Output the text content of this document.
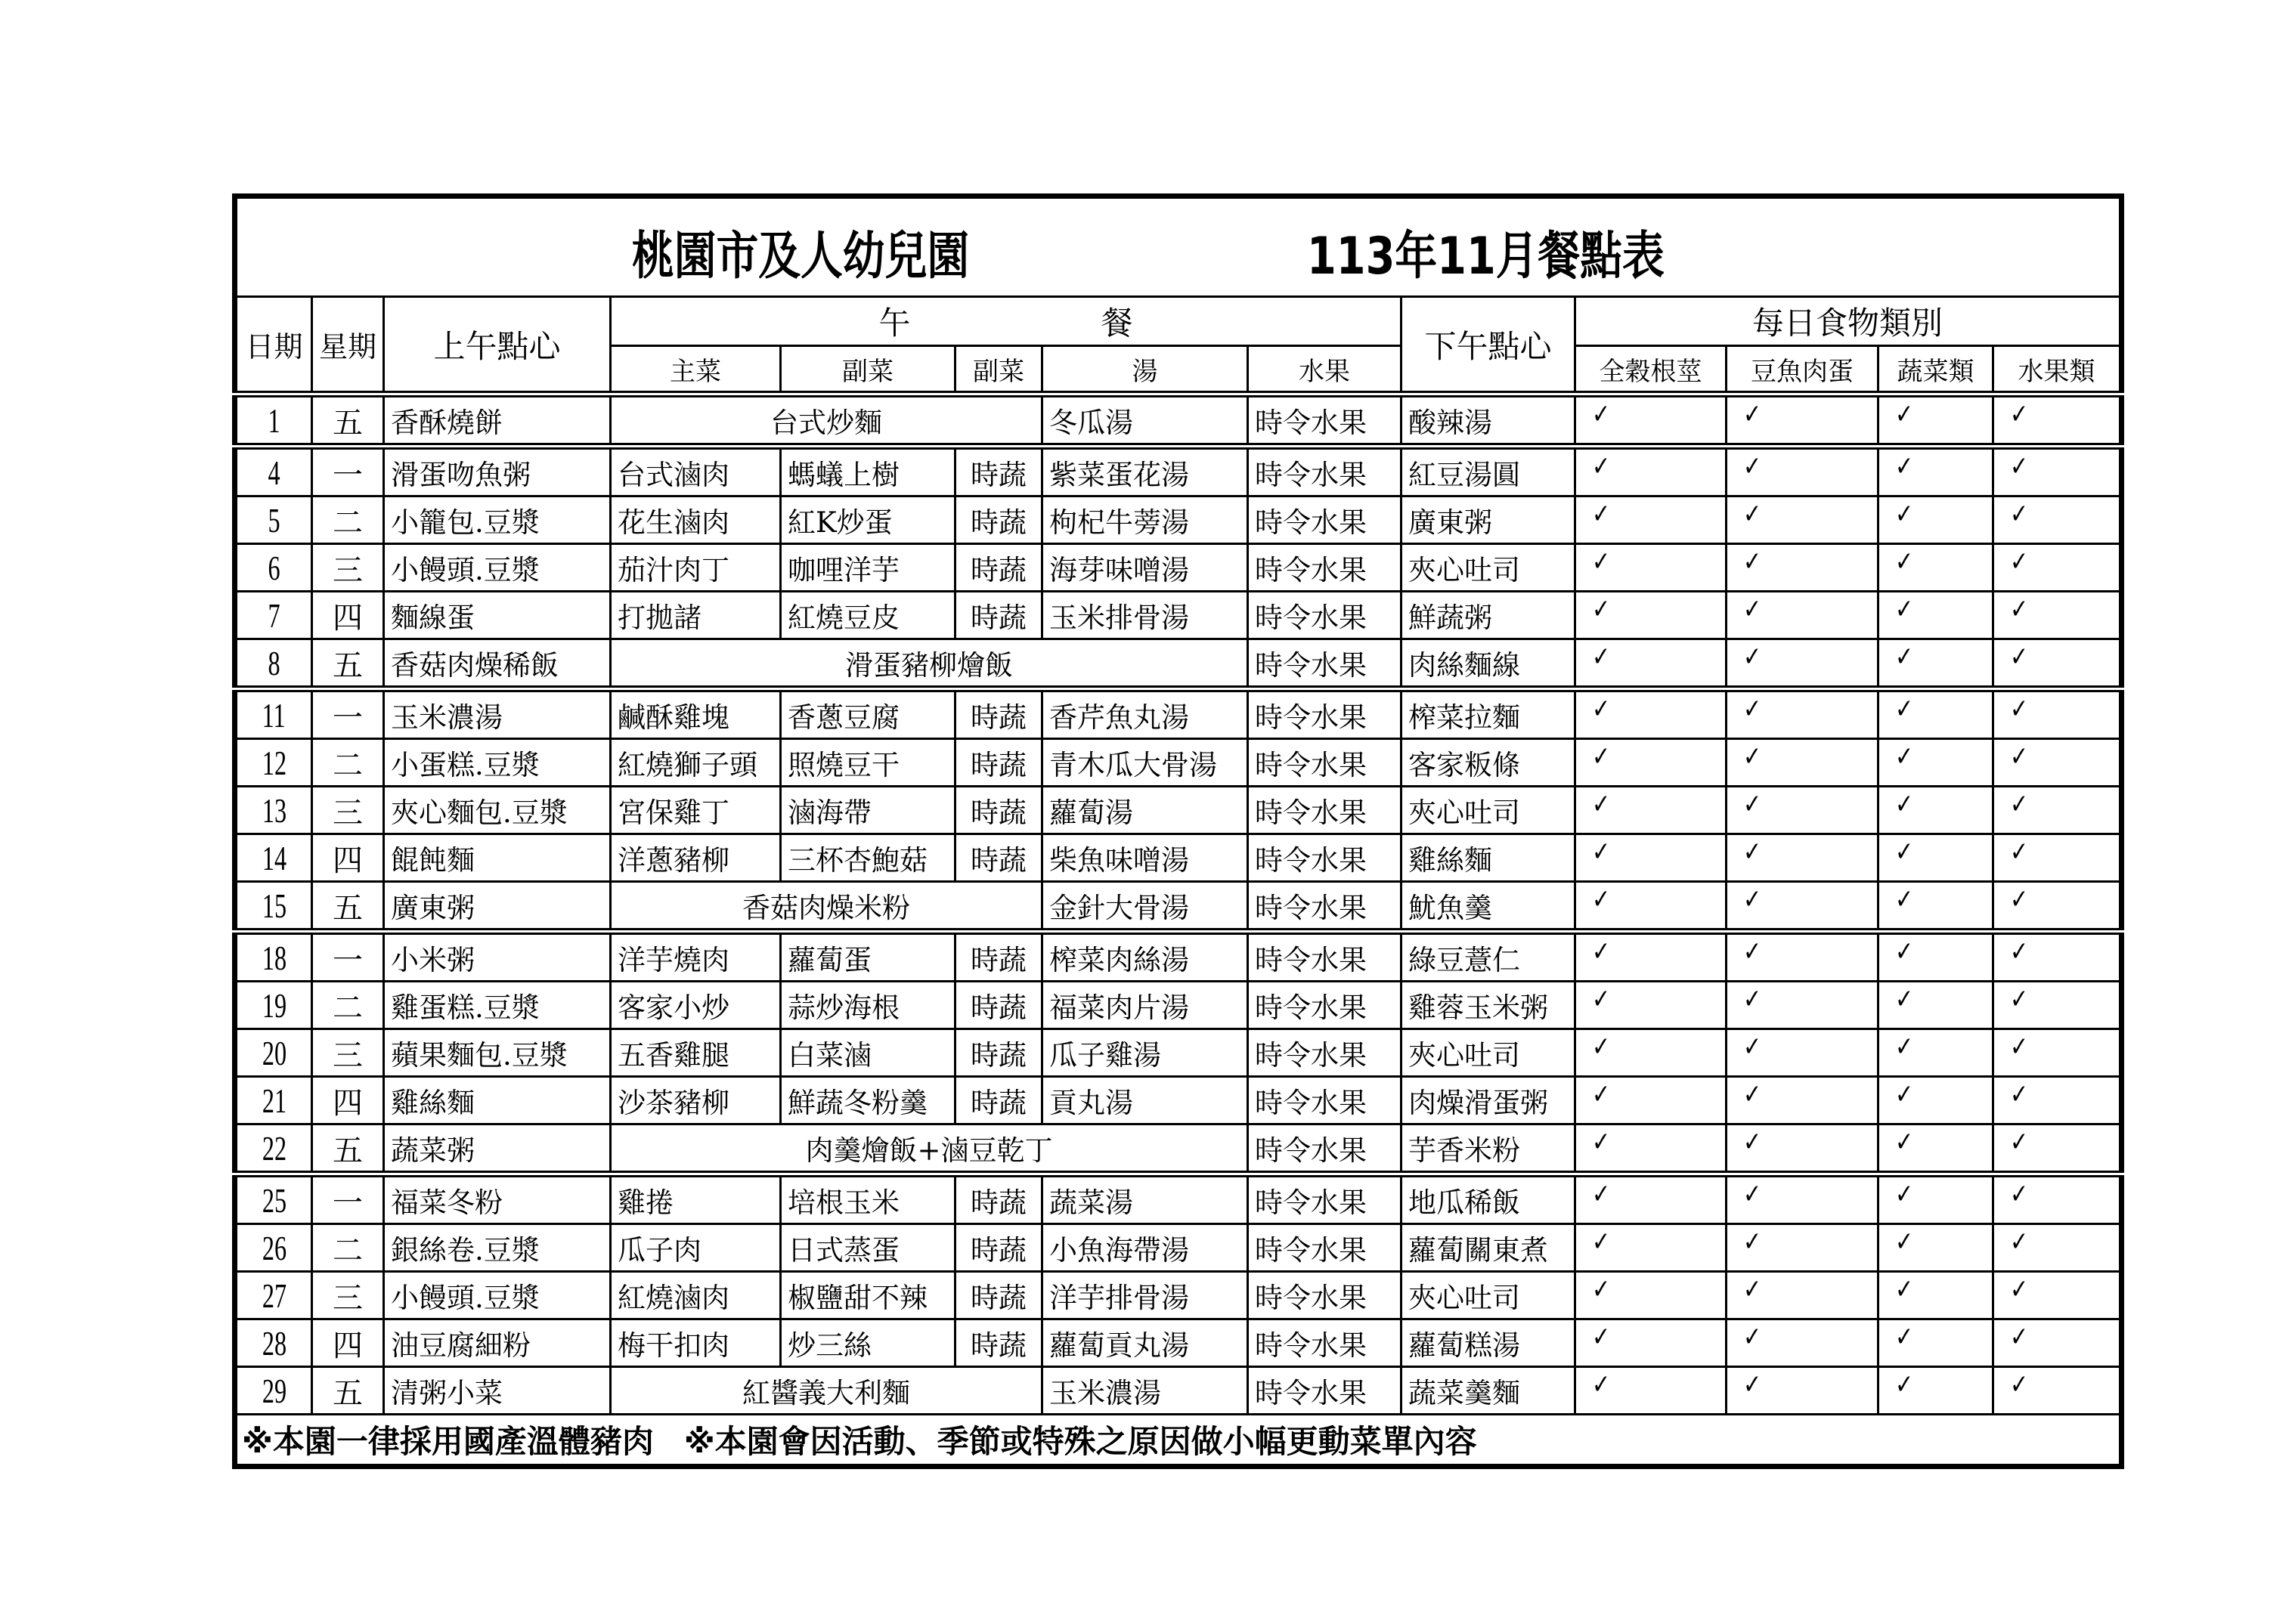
桃園市及人幼兒園 113年11月餐點表												

日期	星期	上午點心	午　　　　　　餐					下午點心	每日食物類別			
			主菜	副菜	副菜	湯	水果		全穀根莖	豆魚肉蛋	蔬菜類	水果類
1	五	香酥燒餅	台式炒麵			冬瓜湯	時令水果	酸辣湯	✓	✓	✓	✓
4	一	滑蛋吻魚粥	台式滷肉	螞蟻上樹	時蔬	紫菜蛋花湯	時令水果	紅豆湯圓	✓	✓	✓	✓
5	二	小籠包.豆漿	花生滷肉	紅K炒蛋	時蔬	枸杞牛蒡湯	時令水果	廣東粥	✓	✓	✓	✓
6	三	小饅頭.豆漿	茄汁肉丁	咖哩洋芋	時蔬	海芽味噌湯	時令水果	夾心吐司	✓	✓	✓	✓
7	四	麵線蛋	打拋諸	紅燒豆皮	時蔬	玉米排骨湯	時令水果	鮮蔬粥	✓	✓	✓	✓
8	五	香菇肉燥稀飯	滑蛋豬柳燴飯				時令水果	肉絲麵線	✓	✓	✓	✓
11	一	玉米濃湯	鹹酥雞塊	香蔥豆腐	時蔬	香芹魚丸湯	時令水果	榨菜拉麵	✓	✓	✓	✓
12	二	小蛋糕.豆漿	紅燒獅子頭	照燒豆干	時蔬	青木瓜大骨湯	時令水果	客家粄條	✓	✓	✓	✓
13	三	夾心麵包.豆漿	宮保雞丁	滷海帶	時蔬	蘿蔔湯	時令水果	夾心吐司	✓	✓	✓	✓
14	四	餛飩麵	洋蔥豬柳	三杯杏鮑菇	時蔬	柴魚味噌湯	時令水果	雞絲麵	✓	✓	✓	✓
15	五	廣東粥	香菇肉燥米粉			金針大骨湯	時令水果	魷魚羹	✓	✓	✓	✓
18	一	小米粥	洋芋燒肉	蘿蔔蛋	時蔬	榨菜肉絲湯	時令水果	綠豆薏仁	✓	✓	✓	✓
19	二	雞蛋糕.豆漿	客家小炒	蒜炒海根	時蔬	福菜肉片湯	時令水果	雞蓉玉米粥	✓	✓	✓	✓
20	三	蘋果麵包.豆漿	五香雞腿	白菜滷	時蔬	瓜子雞湯	時令水果	夾心吐司	✓	✓	✓	✓
21	四	雞絲麵	沙茶豬柳	鮮蔬冬粉羹	時蔬	貢丸湯	時令水果	肉燥滑蛋粥	✓	✓	✓	✓
22	五	蔬菜粥	肉羹燴飯+滷豆乾丁				時令水果	芋香米粉	✓	✓	✓	✓
25	一	福菜冬粉	雞捲	培根玉米	時蔬	蔬菜湯	時令水果	地瓜稀飯	✓	✓	✓	✓
26	二	銀絲卷.豆漿	瓜子肉	日式蒸蛋	時蔬	小魚海帶湯	時令水果	蘿蔔關東煮	✓	✓	✓	✓
27	三	小饅頭.豆漿	紅燒滷肉	椒鹽甜不辣	時蔬	洋芋排骨湯	時令水果	夾心吐司	✓	✓	✓	✓
28	四	油豆腐細粉	梅干扣肉	炒三絲	時蔬	蘿蔔貢丸湯	時令水果	蘿蔔糕湯	✓	✓	✓	✓
29	五	清粥小菜	紅醬義大利麵			玉米濃湯	時令水果	蔬菜羹麵	✓	✓	✓	✓
※本園一律採用國產溫體豬肉 ※本園會因活動、季節或特殊之原因做小幅更動菜單內容												
